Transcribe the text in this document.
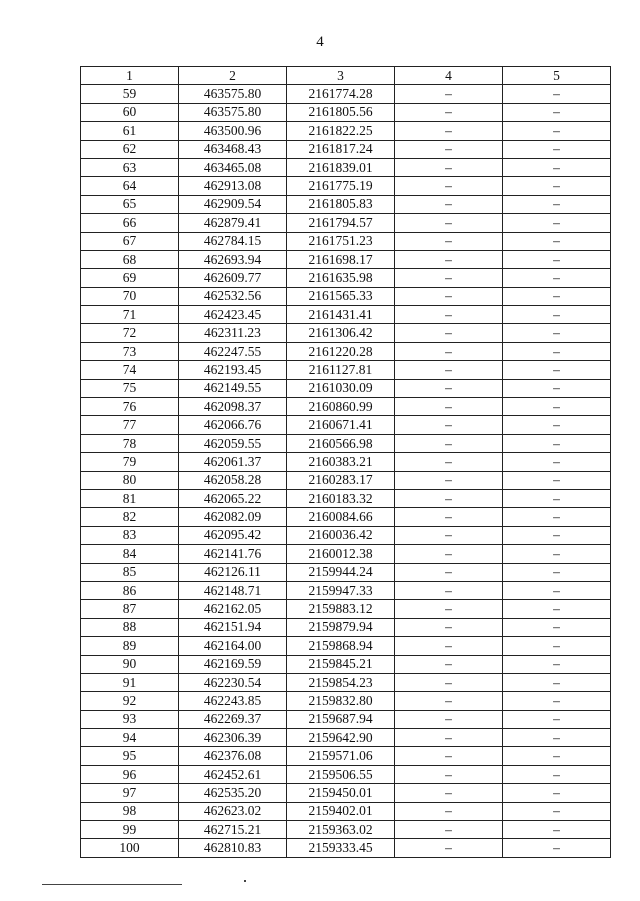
4
1	2	3	4	5
59	463575.80	2161774.28	–	–
60	463575.80	2161805.56	–	–
61	463500.96	2161822.25	–	–
62	463468.43	2161817.24	–	–
63	463465.08	2161839.01	–	–
64	462913.08	2161775.19	–	–
65	462909.54	2161805.83	–	–
66	462879.41	2161794.57	–	–
67	462784.15	2161751.23	–	–
68	462693.94	2161698.17	–	–
69	462609.77	2161635.98	–	–
70	462532.56	2161565.33	–	–
71	462423.45	2161431.41	–	–
72	462311.23	2161306.42	–	–
73	462247.55	2161220.28	–	–
74	462193.45	2161127.81	–	–
75	462149.55	2161030.09	–	–
76	462098.37	2160860.99	–	–
77	462066.76	2160671.41	–	–
78	462059.55	2160566.98	–	–
79	462061.37	2160383.21	–	–
80	462058.28	2160283.17	–	–
81	462065.22	2160183.32	–	–
82	462082.09	2160084.66	–	–
83	462095.42	2160036.42	–	–
84	462141.76	2160012.38	–	–
85	462126.11	2159944.24	–	–
86	462148.71	2159947.33	–	–
87	462162.05	2159883.12	–	–
88	462151.94	2159879.94	–	–
89	462164.00	2159868.94	–	–
90	462169.59	2159845.21	–	–
91	462230.54	2159854.23	–	–
92	462243.85	2159832.80	–	–
93	462269.37	2159687.94	–	–
94	462306.39	2159642.90	–	–
95	462376.08	2159571.06	–	–
96	462452.61	2159506.55	–	–
97	462535.20	2159450.01	–	–
98	462623.02	2159402.01	–	–
99	462715.21	2159363.02	–	–
100	462810.83	2159333.45	–	–
